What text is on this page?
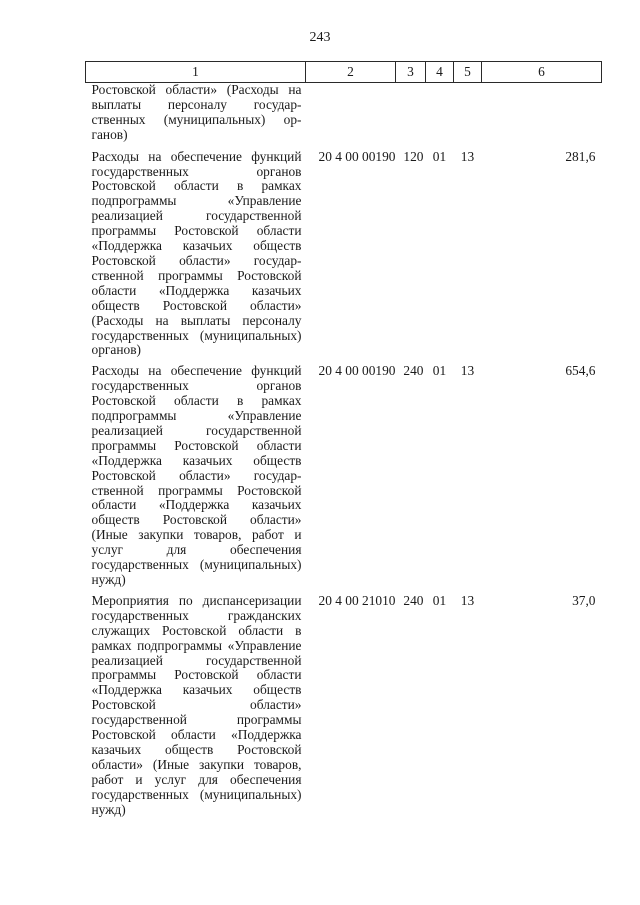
243
1	2	3	4	5	6
Ростовской области» (Расходы на выплаты персоналу государственных (муниципальных) органов)					
Расходы на обеспечение функций государственных органов Ростовской области в рамках подпрограммы «Управление реализацией государственной программы Ростовской области «Поддержка казачьих обществ Ростовской области» государственной программы Ростовской области «Поддержка казачьих обществ Ростовской области» (Расходы на выплаты персоналу государственных (муниципальных) органов)	20 4 00 00190	120	01	13	281,6
Расходы на обеспечение функций государственных органов Ростовской области в рамках подпрограммы «Управление реализацией государственной программы Ростовской области «Поддержка казачьих обществ Ростовской области» государственной программы Ростовской области «Поддержка казачьих обществ Ростовской области» (Иные закупки товаров, работ и услуг для обеспечения государственных (муниципальных) нужд)	20 4 00 00190	240	01	13	654,6
Мероприятия по диспансеризации государственных гражданских служащих Ростовской области в рамках подпрограммы «Управление реализацией государственной программы Ростовской области «Поддержка казачьих обществ Ростовской области» государственной программы Ростовской области «Поддержка казачьих обществ Ростовской области» (Иные закупки товаров, работ и услуг для обеспечения государственных (муниципальных) нужд)	20 4 00 21010	240	01	13	37,0
